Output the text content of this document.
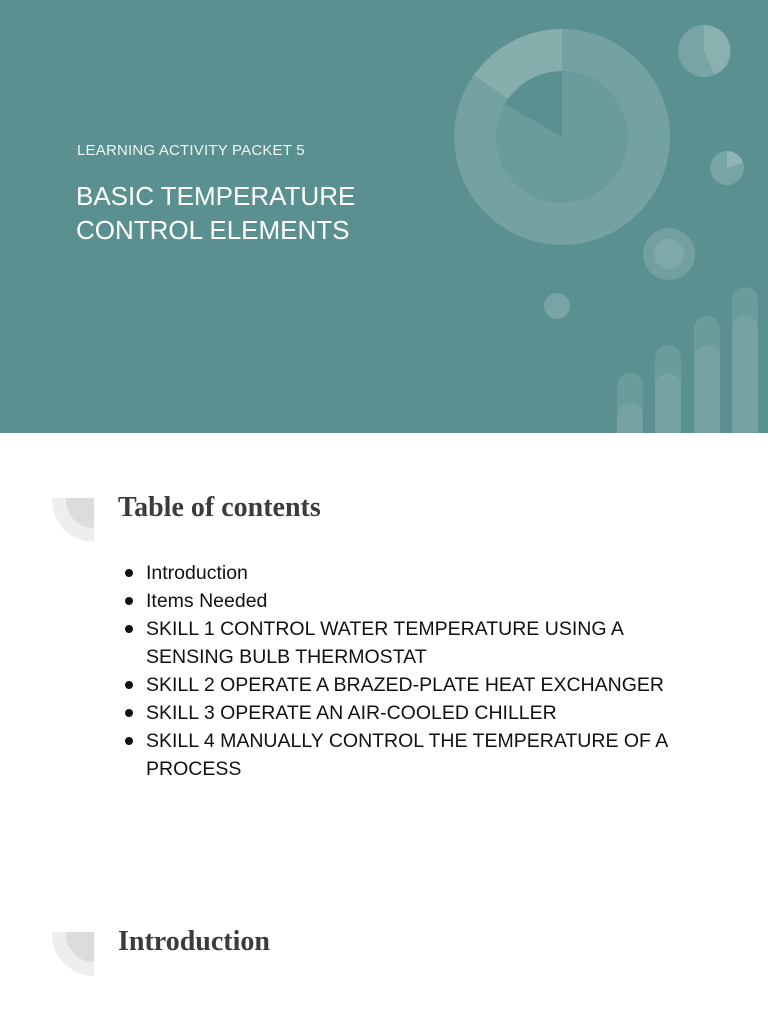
LEARNING ACTIVITY PACKET 5
BASIC TEMPERATURE
CONTROL ELEMENTS
Table of contents
Introduction
Items Needed
SKILL 1 CONTROL WATER TEMPERATURE USING A SENSING BULB THERMOSTAT
SKILL 2 OPERATE A BRAZED-PLATE HEAT EXCHANGER
SKILL 3 OPERATE AN AIR-COOLED CHILLER
SKILL 4 MANUALLY CONTROL THE TEMPERATURE OF A PROCESS
Introduction
